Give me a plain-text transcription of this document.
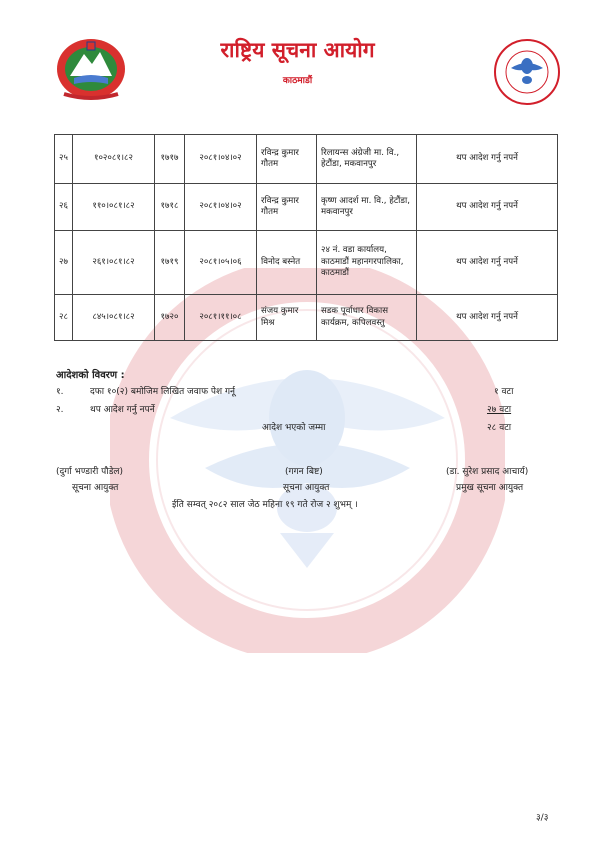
राष्ट्रिय सूचना आयोग
काठमाडौं
२५	१०२०८१।८२	१७१७	२०८१।०४।०२	रविन्द्र कुमार गौतम	रिलायन्स अंग्रेजी मा. वि., हेटौंडा, मकवानपुर	थप आदेश गर्नु नपर्ने
२६	११०।०८१।८२	१७१८	२०८१।०४।०२	रविन्द्र कुमार गौतम	कृष्ण आदर्श मा. वि., हेटौंडा, मकवानपुर	थप आदेश गर्नु नपर्ने
२७	२६१।०८१।८२	१७१९	२०८१।०५।०६	विनोद बस्नेत	२४ नं. वडा कार्यालय, काठमाडौं महानगरपालिका, काठमाडौं	थप आदेश गर्नु नपर्ने
२८	८४५।०८१।८२	१७२०	२०८१।११।०८	संजय कुमार मिश्र	सडक पूर्वाधार विकास कार्यक्रम, कपिलवस्तु	थप आदेश गर्नु नपर्ने
आदेशको विवरण :
१.	दफा १०(२) बमोजिम लिखित जवाफ पेश गर्नू	१ वटा
२.	थप आदेश गर्नु नपर्ने	२७ वटा
आदेश भएको जम्मा	२८ वटा
(दुर्गा भण्डारी पौडेल)
सूचना आयुक्त
(गगन बिष्ट)
सूचना आयुक्त
(डा. सुरेश प्रसाद आचार्य)
प्रमुख सूचना आयुक्त
ईति सम्वत् २०८२ साल जेठ महिना १९ गते रोज २ शुभम् ।
३/३
